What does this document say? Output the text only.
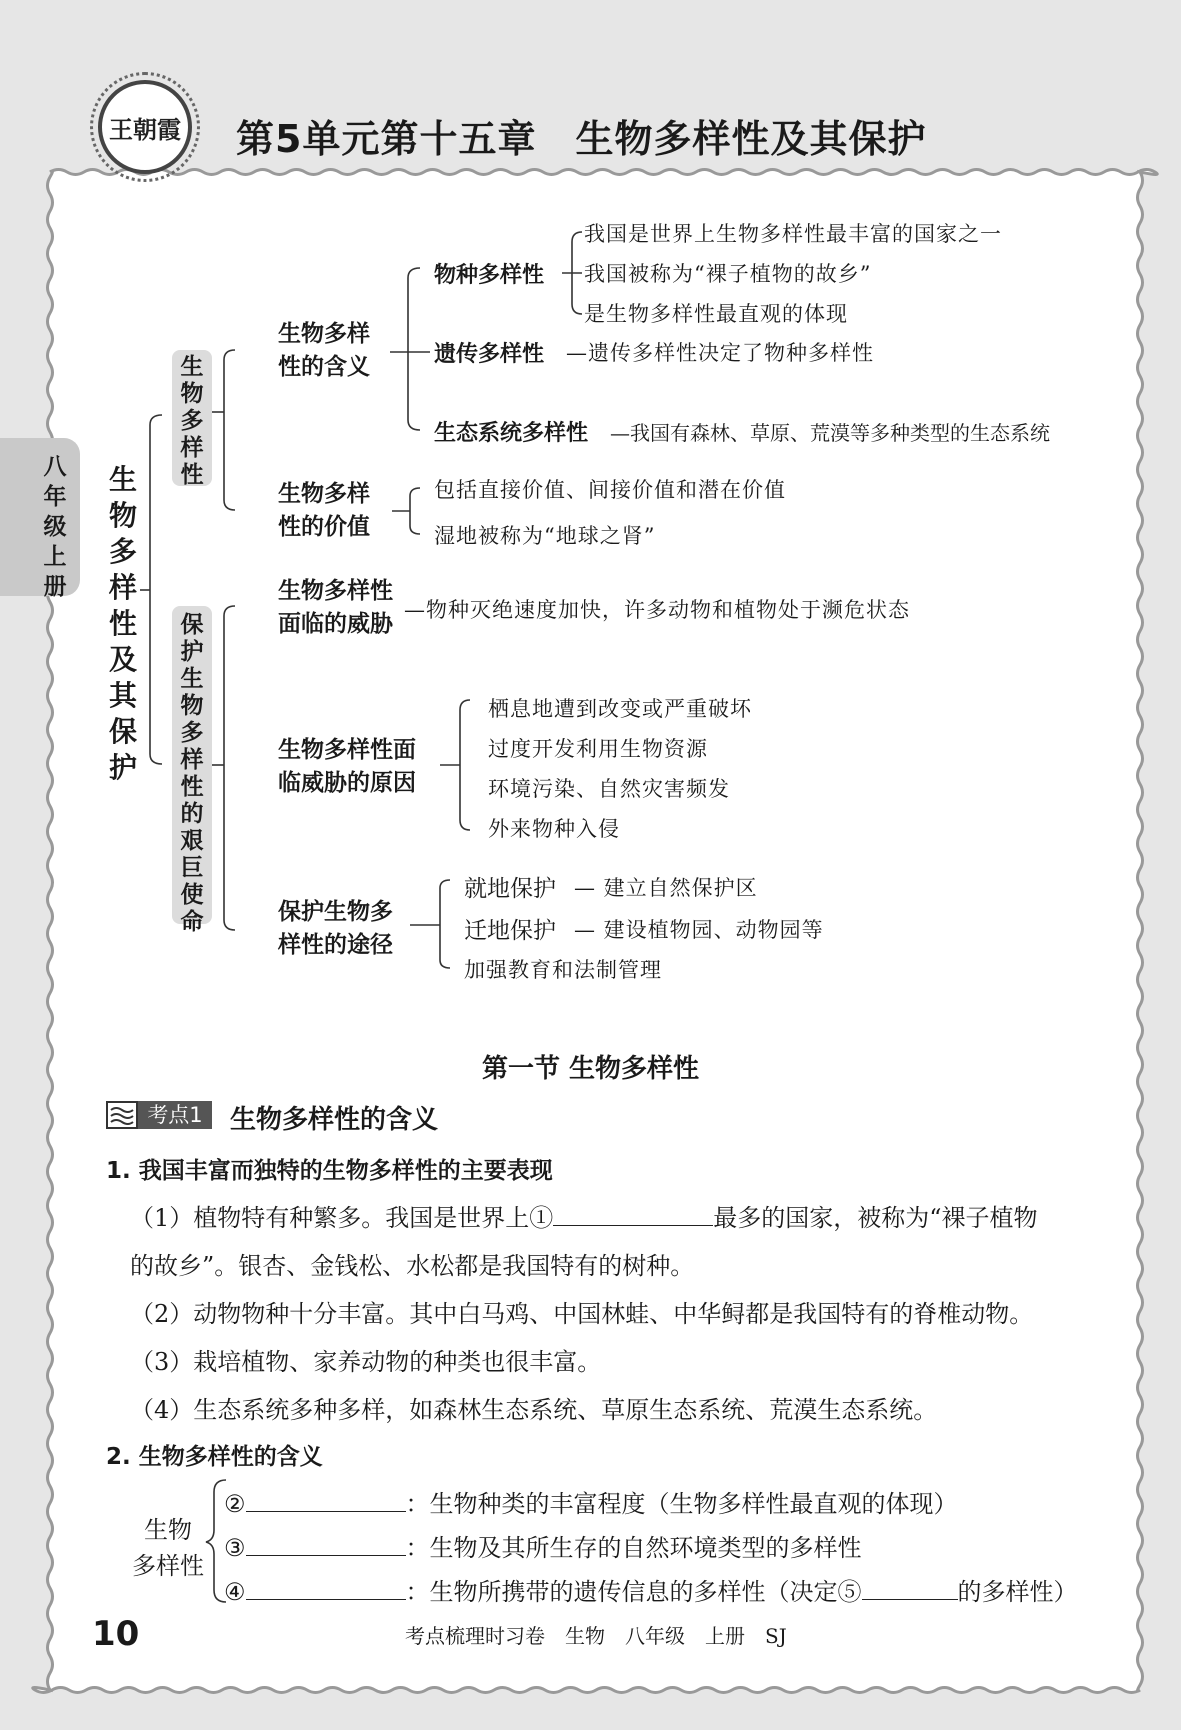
王朝霞 第5单元第十五章　生物多样性及其保护
八年级上册
生物多样性及其保护
生物多样性
保护生物多样性的艰巨使命
生物多样
性的含义
物种多样性
我国是世界上生物多样性最丰富的国家之一
我国被称为“裸子植物的故乡”
是生物多样性最直观的体现
遗传多样性 —遗传多样性决定了物种多样性
生态系统多样性 —我国有森林、草原、荒漠等多种类型的生态系统
生物多样
性的价值
包括直接价值、间接价值和潜在价值
湿地被称为“地球之肾”
生物多样性
面临的威胁
—物种灭绝速度加快，许多动物和植物处于濒危状态
生物多样性面
临威胁的原因
栖息地遭到改变或严重破坏
过度开发利用生物资源
环境污染、自然灾害频发
外来物种入侵
保护生物多
样性的途径
就地保护 — 建立自然保护区
迁地保护 — 建设植物园、动物园等
加强教育和法制管理
第一节 生物多样性
考点1	生物多样性的含义
1. 我国丰富而独特的生物多样性的主要表现
（1）植物特有种繁多。我国是世界上①	最多的国家，被称为“裸子植物
的故乡”。银杏、金钱松、水松都是我国特有的树种。
（2）动物物种十分丰富。其中白马鸡、中国林蛙、中华鲟都是我国特有的脊椎动物。
（3）栽培植物、家养动物的种类也很丰富。
（4）生态系统多种多样，如森林生态系统、草原生态系统、荒漠生态系统。
2. 生物多样性的含义
生物
多样性
②	：生物种类的丰富程度（生物多样性最直观的体现）
③	：生物及其所生存的自然环境类型的多样性
④	：生物所携带的遗传信息的多样性（决定⑤	的多样性）
10	考点梳理时习卷　生物　八年级　上册　SJ
